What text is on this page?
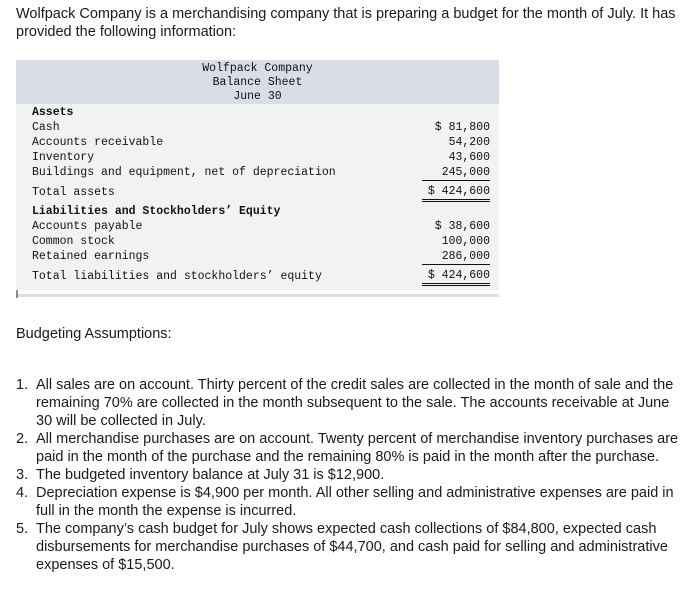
Wolfpack Company is a merchandising company that is preparing a budget for the month of July. It has provided the following information:

Wolfpack Company
Balance Sheet
June 30
Assets
Cash	$ 81,800
Accounts receivable	54,200
Inventory	43,600
Buildings and equipment, net of depreciation	245,000
Total assets	$ 424,600
Liabilities and Stockholders’ Equity
Accounts payable	$ 38,600
Common stock	100,000
Retained earnings	286,000
Total liabilities and stockholders’ equity	$ 424,600

Budgeting Assumptions:

1. All sales are on account. Thirty percent of the credit sales are collected in the month of sale and the remaining 70% are collected in the month subsequent to the sale. The accounts receivable at June 30 will be collected in July.
2. All merchandise purchases are on account. Twenty percent of merchandise inventory purchases are paid in the month of the purchase and the remaining 80% is paid in the month after the purchase.
3. The budgeted inventory balance at July 31 is $12,900.
4. Depreciation expense is $4,900 per month. All other selling and administrative expenses are paid in full in the month the expense is incurred.
5. The company’s cash budget for July shows expected cash collections of $84,800, expected cash disbursements for merchandise purchases of $44,700, and cash paid for selling and administrative expenses of $15,500.
